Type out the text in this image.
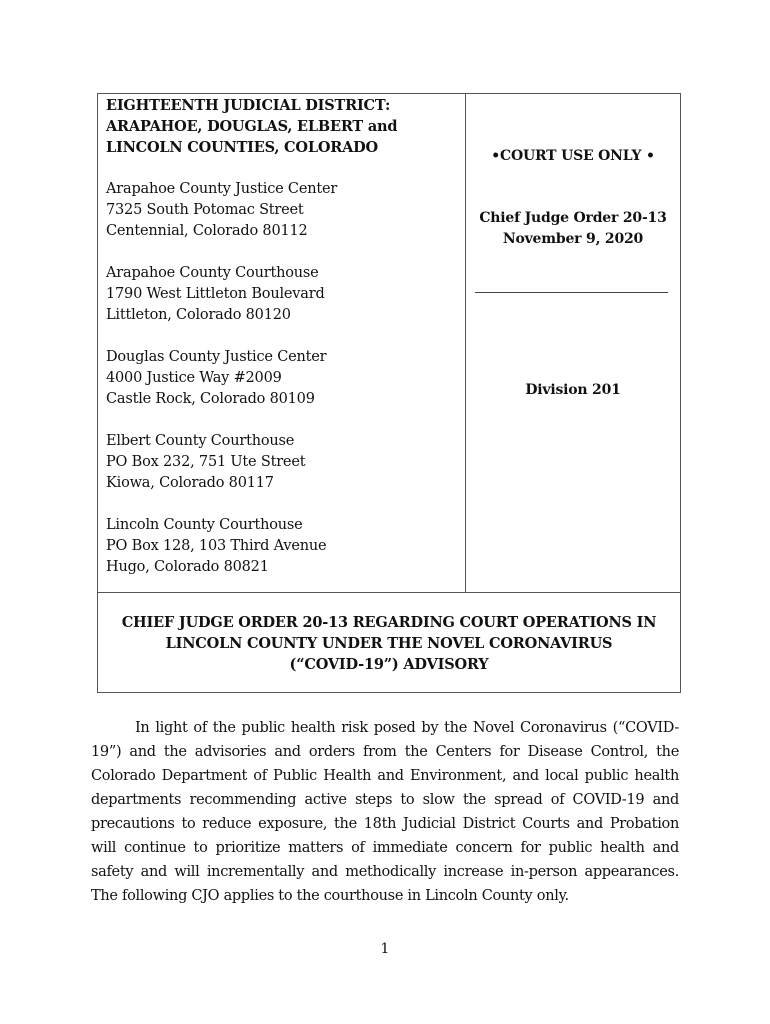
EIGHTEENTH JUDICIAL DISTRICT:
ARAPAHOE, DOUGLAS, ELBERT and
LINCOLN COUNTIES, COLORADO
Arapahoe County Justice Center
7325 South Potomac Street
Centennial, Colorado 80112
Arapahoe County Courthouse
1790 West Littleton Boulevard
Littleton, Colorado 80120
Douglas County Justice Center
4000 Justice Way #2009
Castle Rock, Colorado 80109
Elbert County Courthouse
PO Box 232, 751 Ute Street
Kiowa, Colorado 80117
Lincoln County Courthouse
PO Box 128, 103 Third Avenue
Hugo, Colorado 80821
•COURT USE ONLY •
Chief Judge Order 20-13
November 9, 2020
Division 201
CHIEF JUDGE ORDER 20-13 REGARDING COURT OPERATIONS IN
LINCOLN COUNTY UNDER THE NOVEL CORONAVIRUS
(“COVID-19”) ADVISORY

In light of the public health risk posed by the Novel Coronavirus (“COVID-19”) and the advisories and orders from the Centers for Disease Control, the Colorado Department of Public Health and Environment, and local public health departments recommending active steps to slow the spread of COVID-19 and precautions to reduce exposure, the 18th Judicial District Courts and Probation will continue to prioritize matters of immediate concern for public health and safety and will incrementally and methodically increase in-person appearances. The following CJO applies to the courthouse in Lincoln County only.

1
